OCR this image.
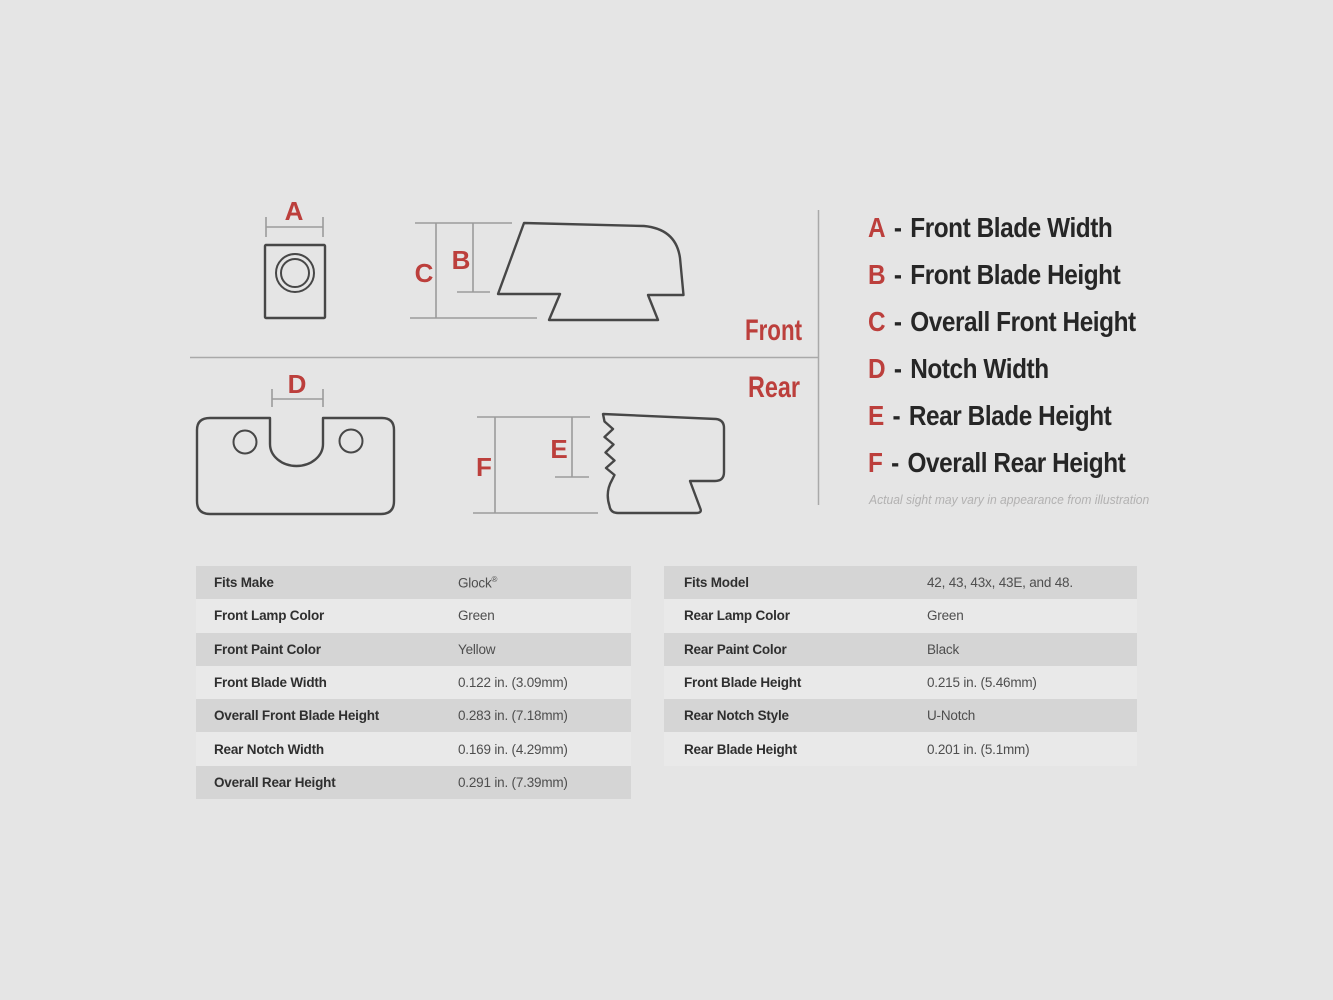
A
C B
Front
Rear
D
F
E
A - Front Blade Width
B - Front Blade Height
C - Overall Front Height
D - Notch Width
E - Rear Blade Height
F - Overall Rear Height
Actual sight may vary in appearance from illustration
Fits Make	Glock®
Front Lamp Color	Green
Front Paint Color	Yellow
Front Blade Width	0.122 in. (3.09mm)
Overall Front Blade Height	0.283 in. (7.18mm)
Rear Notch Width	0.169 in. (4.29mm)
Overall Rear Height	0.291 in. (7.39mm)
Fits Model	42, 43, 43x, 43E, and 48.
Rear Lamp Color	Green
Rear Paint Color	Black
Front Blade Height	0.215 in. (5.46mm)
Rear Notch Style	U-Notch
Rear Blade Height	0.201 in. (5.1mm)
